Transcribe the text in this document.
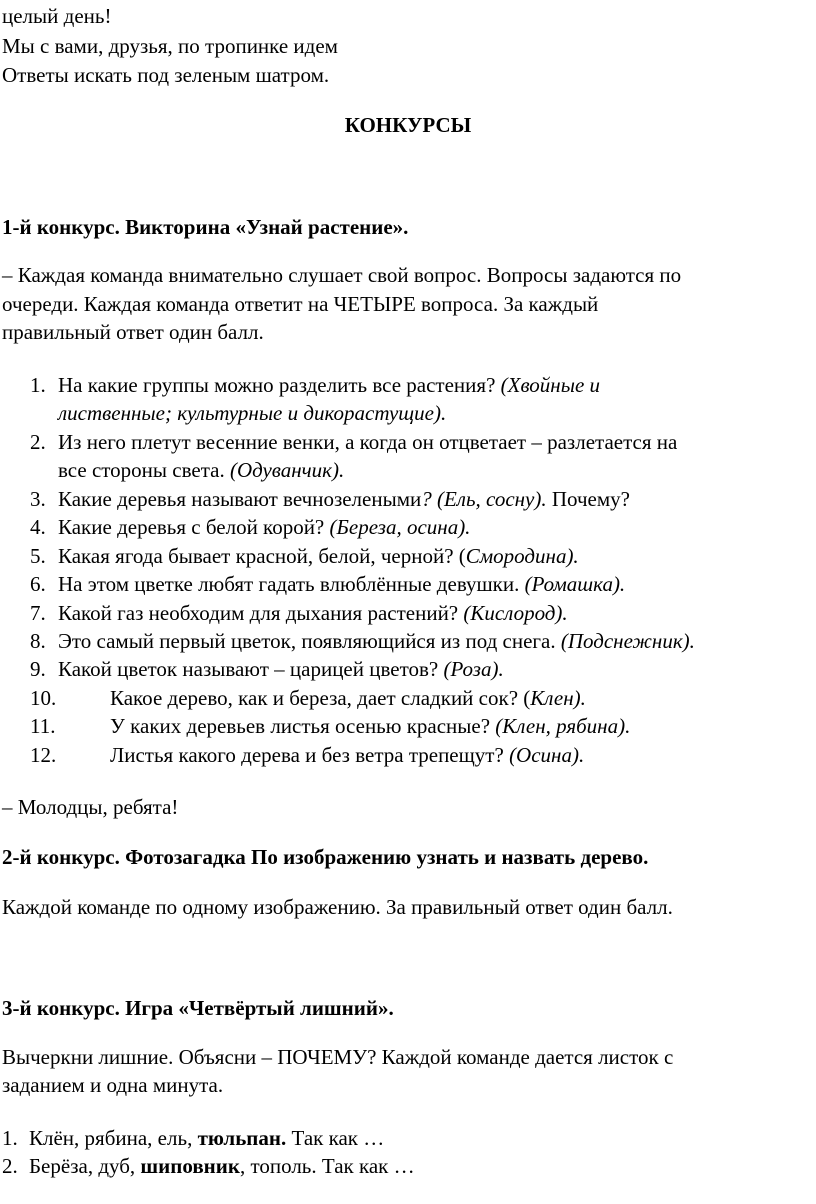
целый день!
Мы с вами, друзья, по тропинке идем
Ответы искать под зеленым шатром.
КОНКУРСЫ
1-й конкурс. Викторина «Узнай растение».
– Каждая команда внимательно слушает свой вопрос. Вопросы задаются по
очереди. Каждая команда ответит на ЧЕТЫРЕ вопроса. За каждый
правильный ответ один балл.
1. На какие группы можно разделить все растения? (Хвойные и
лиственные; культурные и дикорастущие).
2. Из него плетут весенние венки, а когда он отцветает – разлетается на
все стороны света. (Одуванчик).
3. Какие деревья называют вечнозелеными? (Ель, сосну). Почему?
4. Какие деревья с белой корой? (Береза, осина).
5. Какая ягода бывает красной, белой, черной? (Смородина).
6. На этом цветке любят гадать влюблённые девушки. (Ромашка).
7. Какой газ необходим для дыхания растений? (Кислород).
8. Это самый первый цветок, появляющийся из под снега. (Подснежник).
9. Какой цветок называют – царицей цветов? (Роза).
10.	Какое дерево, как и береза, дает сладкий сок? (Клен).
11.	У каких деревьев листья осенью красные? (Клен, рябина).
12.	Листья какого дерева и без ветра трепещут? (Осина).
– Молодцы, ребята!
2-й конкурс. Фотозагадка По изображению узнать и назвать дерево.
Каждой команде по одному изображению. За правильный ответ один балл.
3-й конкурс. Игра «Четвёртый лишний».
Вычеркни лишние. Объясни – ПОЧЕМУ? Каждой команде дается листок с
заданием и одна минута.
1. Клён, рябина, ель, тюльпан. Так как …
2. Берёза, дуб, шиповник, тополь. Так как …
